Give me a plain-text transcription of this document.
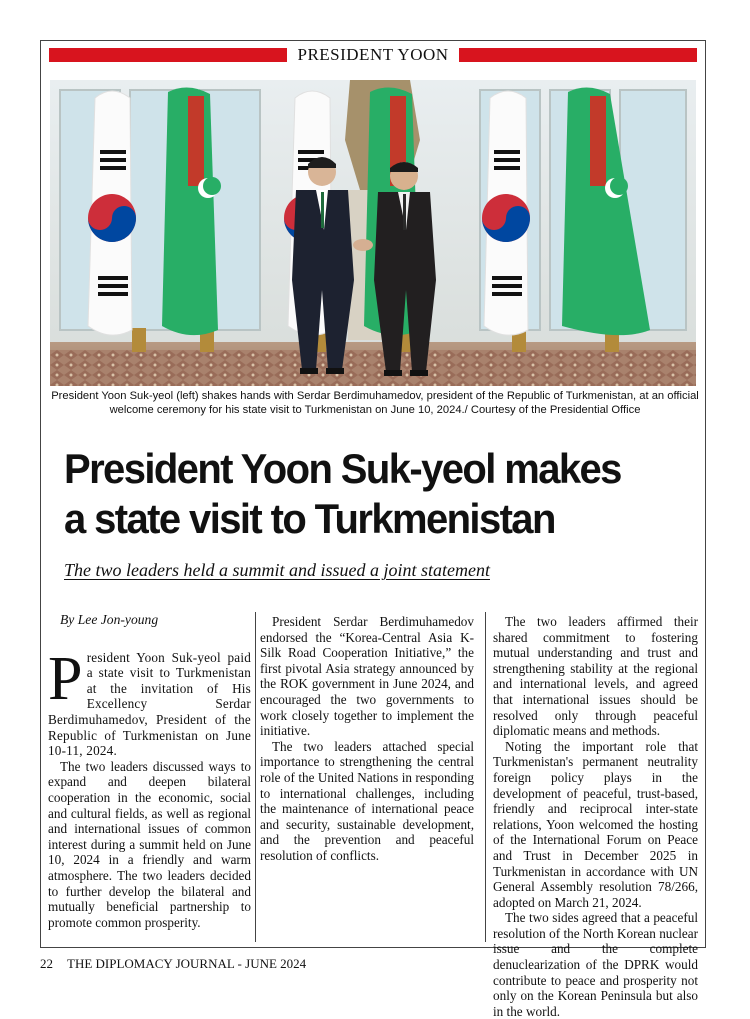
PRESIDENT YOON
President Yoon Suk-yeol (left) shakes hands with Serdar Berdimuhamedov, president of the Republic of Turkmenistan, at an official welcome ceremony for his state visit to Turkmenistan on June 10, 2024./ Courtesy of the Presidential Office
President Yoon Suk-yeol makes
a state visit to Turkmenistan
The two leaders held a summit and issued a joint statement
By Lee Jon-young

President Yoon Suk-yeol paid a state visit to Turkmenistan at the invitation of His Excellency Serdar Berdimuhamedov, President of the Republic of Turkmenistan on June 10-11, 2024.

The two leaders discussed ways to expand and deepen bilateral cooperation in the economic, social and cultural fields, as well as regional and international issues of common interest during a summit held on June 10, 2024 in a friendly and warm atmosphere. The two leaders decided to further develop the bilateral and mutually beneficial partnership to promote common prosperity.

President Serdar Berdimuhamedov endorsed the “Korea-Central Asia K-Silk Road Cooperation Initiative,” the first pivotal Asia strategy announced by the ROK government in June 2024, and encouraged the two governments to work closely together to implement the initiative.

The two leaders attached special importance to strengthening the central role of the United Nations in responding to international challenges, including the maintenance of international peace and security, sustainable development, and the prevention and peaceful resolution of conflicts.

The two leaders affirmed their shared commitment to fostering mutual understanding and trust and strengthening stability at the regional and international levels, and agreed that international issues should be resolved only through peaceful diplomatic means and methods.

Noting the important role that Turkmenistan's permanent neutrality foreign policy plays in the development of peaceful, trust-based, friendly and reciprocal inter-state relations, Yoon welcomed the hosting of the International Forum on Peace and Trust in December 2025 in Turkmenistan in accordance with UN General Assembly resolution 78/266, adopted on March 21, 2024.

The two sides agreed that a peaceful resolution of the North Korean nuclear issue and the complete denuclearization of the DPRK would contribute to peace and prosperity not only on the Korean Peninsula but also in the world.

22 THE DIPLOMACY JOURNAL - JUNE 2024
